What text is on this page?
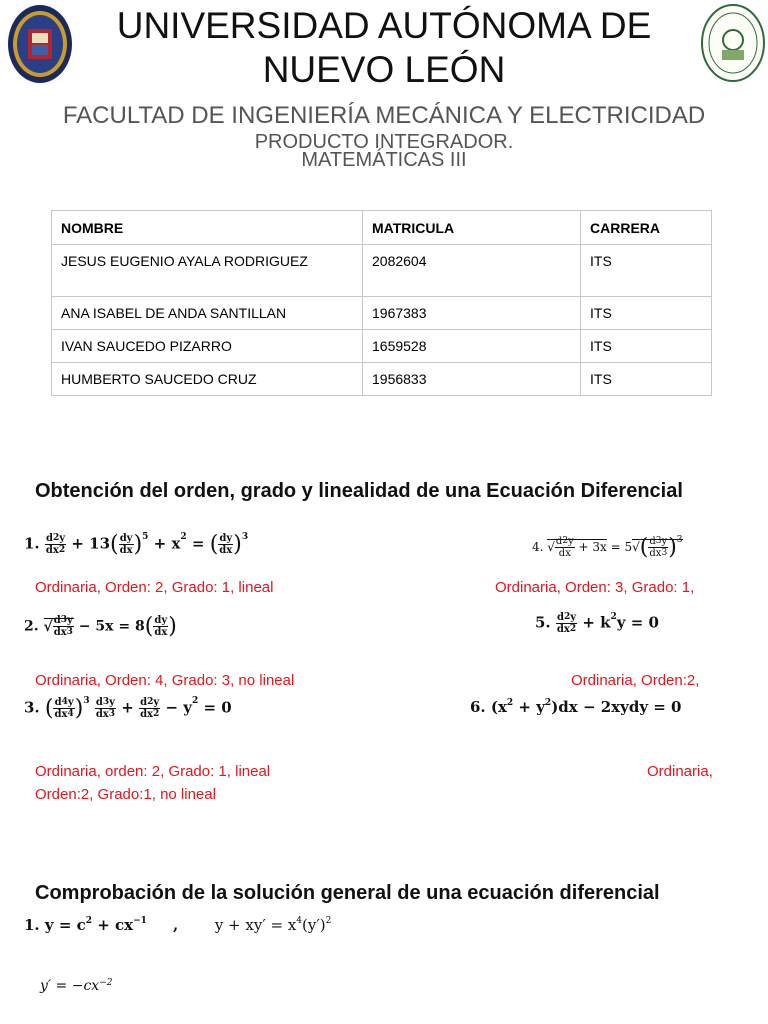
UNIVERSIDAD AUTÓNOMA DE
NUEVO LEÓN
FACULTAD DE INGENIERÍA MECÁNICA Y ELECTRICIDAD
PRODUCTO INTEGRADOR.
MATEMÁTICAS III
NOMBRE	MATRICULA	CARRERA
JESUS EUGENIO AYALA RODRIGUEZ	2082604	ITS
ANA ISABEL DE ANDA SANTILLAN	1967383	ITS
IVAN SAUCEDO PIZARRO	1659528	ITS
HUMBERTO SAUCEDO CRUZ	1956833	ITS
Obtención del orden, grado y linealidad de una Ecuación Diferencial
1. $\frac{d^2y}{dx^2} + 13( \frac{dy}{dx} )^5 + x^2$ = ( $\frac{dy}{dx} )^3$
Ordinaria, Orden: 2, Grado: 1, lineal
4. √ $\frac{d^2y}{dx} + 3x = 5√( \frac{d^3y}{dx^3} )^3$
Ordinaria, Orden: 3, Grado: 1,
2. √ $\frac{d^3y}{dx^3} - 5x = 8( \frac{dy}{dx}$ )	5. $\frac{d^2y}{dx^2} + k^2y = 0$
Ordinaria, Orden: 4, Grado: 3, no lineal	Ordinaria, Orden:2,
3. ( $\frac{d^4y}{dx^4} )^3 \frac{d^3y}{dx^3} + \frac{d^2y}{dx^2} - y^2 = 0$	6. $(x^2 + y^2)dx$ − 2xydy = 0
Ordinaria, orden: 2, Grado: 1, lineal	Ordinaria,
Orden:2, Grado:1, no lineal
Comprobación de la solución general de una ecuación diferencial
1. $y = c^2 + cx^{-1}$     ,       $y + xy' = x^4(y')^2$
$y' = -cx^{-2}$
